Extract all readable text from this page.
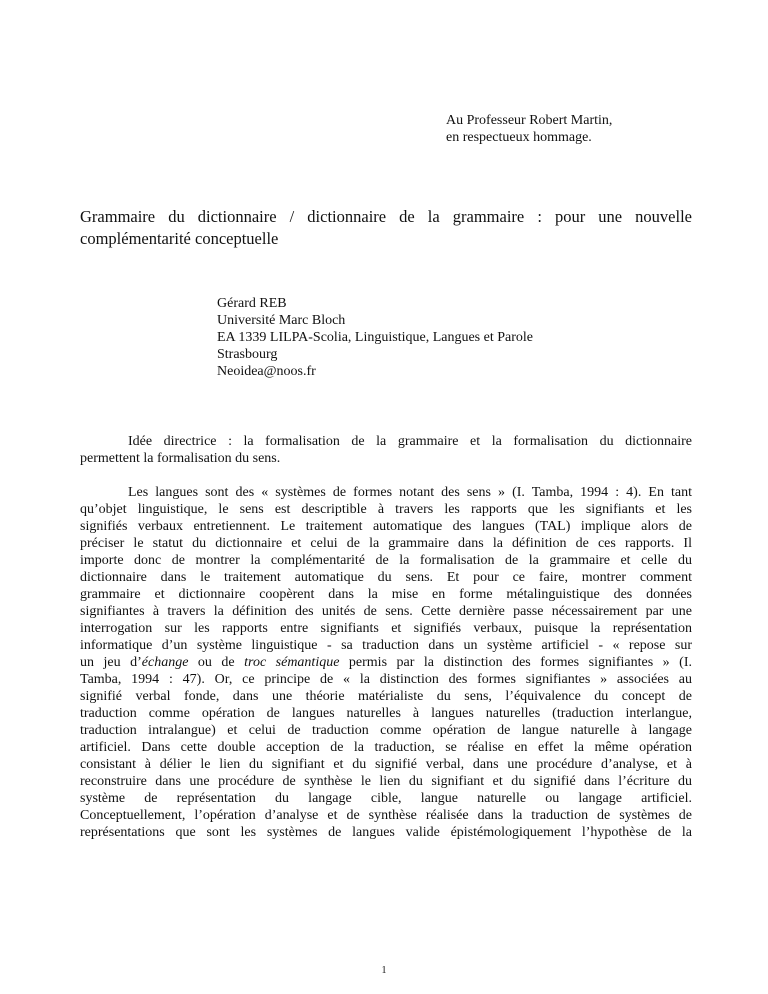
Au Professeur Robert Martin,
en respectueux hommage.
Grammaire du dictionnaire / dictionnaire de la grammaire : pour une nouvelle
complémentarité conceptuelle
Gérard REB
Université Marc Bloch
EA 1339 LILPA-Scolia, Linguistique, Langues et Parole
Strasbourg
Neoidea@noos.fr
Idée directrice : la formalisation de la grammaire et la formalisation du dictionnaire
permettent la formalisation du sens.
Les langues sont des « systèmes de formes notant des sens » (I. Tamba, 1994 : 4). En tant
qu’objet linguistique, le sens est descriptible à travers les rapports que les signifiants et les
signifiés verbaux entretiennent. Le traitement automatique des langues (TAL) implique alors de
préciser le statut du dictionnaire et celui de la grammaire dans la définition de ces rapports. Il
importe donc de montrer la complémentarité de la formalisation de la grammaire et celle du
dictionnaire dans le traitement automatique du sens. Et pour ce faire, montrer comment
grammaire et dictionnaire coopèrent dans la mise en forme métalinguistique des données
signifiantes à travers la définition des unités de sens. Cette dernière passe nécessairement par une
interrogation sur les rapports entre signifiants et signifiés verbaux, puisque la représentation
informatique d’un système linguistique - sa traduction dans un système artificiel - « repose sur
un jeu d’échange ou de troc sémantique permis par la distinction des formes signifiantes » (I.
Tamba, 1994 : 47). Or, ce principe de « la distinction des formes signifiantes » associées au
signifié verbal fonde, dans une théorie matérialiste du sens, l’équivalence du concept de
traduction comme opération de langues naturelles à langues naturelles (traduction interlangue,
traduction intralangue) et celui de traduction comme opération de langue naturelle à langage
artificiel. Dans cette double acception de la traduction, se réalise en effet la même opération
consistant à délier le lien du signifiant et du signifié verbal, dans une procédure d’analyse, et à
reconstruire dans une procédure de synthèse le lien du signifiant et du signifié dans l’écriture du
système de représentation du langage cible, langue naturelle ou langage artificiel.
Conceptuellement, l’opération d’analyse et de synthèse réalisée dans la traduction de systèmes de
représentations que sont les systèmes de langues valide épistémologiquement l’hypothèse de la
1
